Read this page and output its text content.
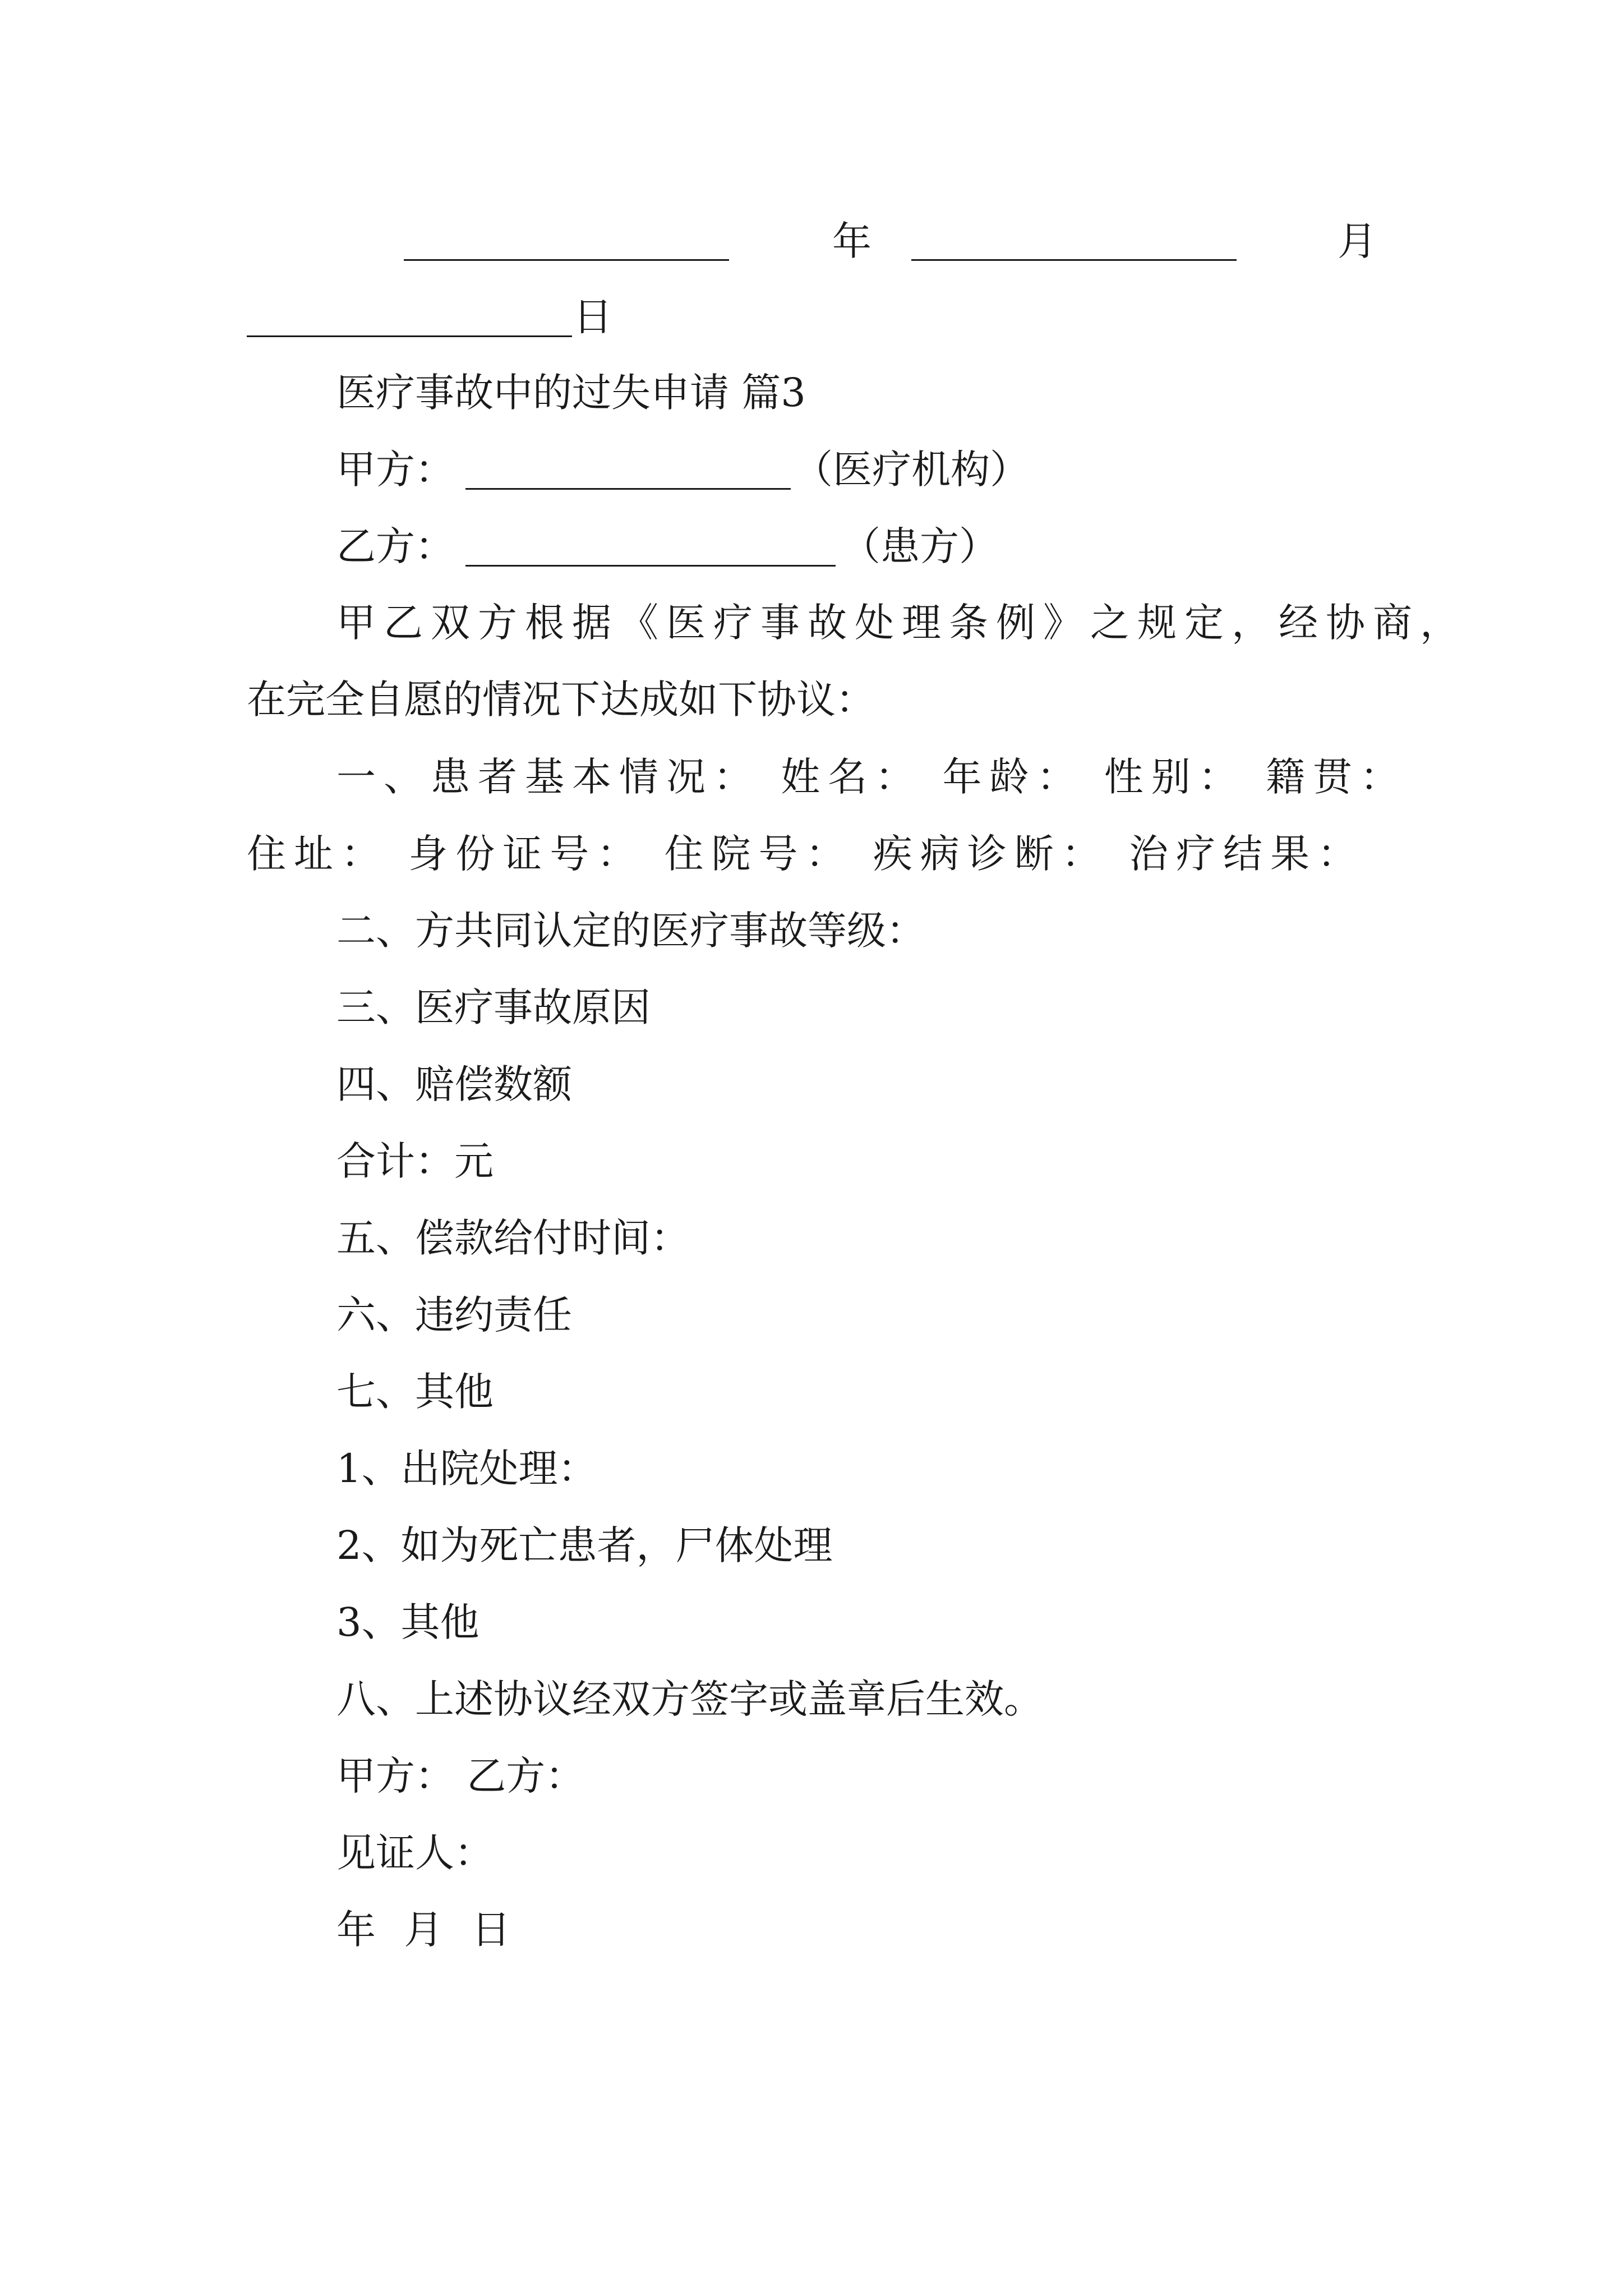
年	月
日
医疗事故中的过失申请 篇3
甲方：	（医疗机构）
乙方：	（患方）
甲乙双方根据《医疗事故处理条例》之规定，经协商，
在完全自愿的情况下达成如下协议：
一、患者基本情况： 姓名： 年龄： 性别： 籍贯：
住址： 身份证号： 住院号： 疾病诊断： 治疗结果：
二、方共同认定的医疗事故等级：
三、医疗事故原因
四、赔偿数额
合计：元
五、偿款给付时间：
六、违约责任
七、其他
1、出院处理：
2、如为死亡患者，尸体处理
3、其他
八、上述协议经双方签字或盖章后生效。
甲方： 乙方：
见证人：
年 月 日
